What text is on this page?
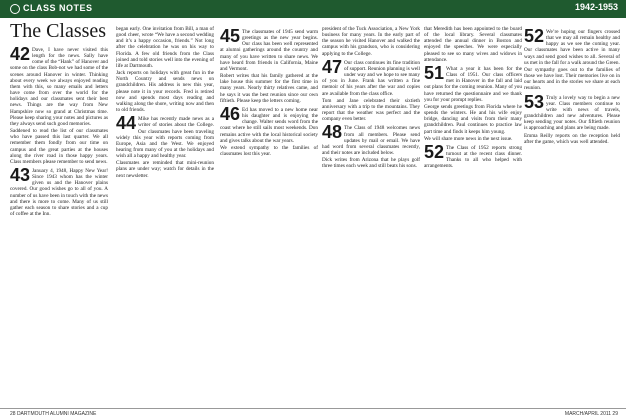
CLASS NOTES	1942-1953
The Classes

42 Dave, I have never visited this length for the news. Sally have come of the “Hank” of Hanover and some on the class Bob-not we had some of the scenes around Hanover in winter. Thinking about every week we always enjoyed reading them with this, so many emails and letters have come from over the world for the holidays and our classmates sent their best news. Things are the way from New Hampshire now so grand at Christmas time. Please keep sharing your notes and pictures as they always send such good memories.

Saddened to read the list of our classmates who have passed this last quarter. We all remember them fondly from our time on campus and the great parties at the houses along the river road in those happy years. Class members please remember to send news.

43 January 4, 1948, Happy New Year! Since 1943 whom has the winter given us and the Hanover plains covered. Our good wishes go to all of you. A number of us have been in touch with the news and there is more to come. Many of us still gather each season to share stories and a cup of coffee at the Inn.

began early. One invitation from Bill, a man of good cheer, wrote “We have a second wedding and it’s a happy occasion, friends.” Not long after the celebration he was on his way to Florida. A few old friends from the Class joined and told stories well into the evening of life at Dartmouth.

Jack reports on holidays with great fun in the North Country and sends news on grandchildren. His address is new this year, please note it in your records. Fred is retired now and spends most days reading and walking along the shore, writing now and then to old friends.

44 Mike has recently made news as a writer of stories about the College. Our classmates have been traveling widely this year with reports coming from Europe, Asia and the West. We enjoyed hearing from many of you at the holidays and wish all a happy and healthy year.

Classmates are reminded that mini-reunion plans are under way; watch for details in the next newsletter.

45 The classmates of 1945 send warm greetings as the new year begins. Our class has been well represented at alumni gatherings around the country and many of you have written to share news. We have heard from friends in California, Maine and Vermont.

Robert writes that his family gathered at the lake house this summer for the first time in many years. Nearly thirty relatives came, and he says it was the best reunion since our own fiftieth. Please keep the letters coming.

46 Ed has moved to a new home near his daughter and is enjoying the change. Walter sends word from the coast where he still sails most weekends. Don remains active with the local historical society and gives talks about the war years.

We extend sympathy to the families of classmates lost this year.

president of the Tuck Association, a New York business for many years. In the early part of the season he visited Hanover and walked the campus with his grandson, who is considering applying to the College.

47 Our class continues its fine tradition of support. Reunion planning is well under way and we hope to see many of you in June. Frank has written a fine memoir of his years after the war and copies are available from the class office.

Tom and Jane celebrated their sixtieth anniversary with a trip to the mountains. They report that the weather was perfect and the company even better.

48 The Class of 1948 welcomes news from all members. Please send updates by mail or email. We have had word from several classmates recently, and their notes are included below.

Dick writes from Arizona that he plays golf three times each week and still beats his sons.

that Meredith has been appointed to the board of the local library. Several classmates attended the annual dinner in Boston and enjoyed the speeches. We were especially pleased to see so many wives and widows in attendance.

51 What a year it has been for the Class of 1951. Our class officers met in Hanover in the fall and laid out plans for the coming reunion. Many of you have returned the questionnaire and we thank you for your prompt replies.

George sends greetings from Florida where he spends the winters. He and his wife enjoy bridge, dancing and visits from their many grandchildren. Paul continues to practice law part time and finds it keeps him young.

We will share more news in the next issue.

52 The Class of 1952 reports strong turnout at the recent class dinner. Thanks to all who helped with arrangements.

52 We’re hoping our fingers crossed that we may all remain healthy and happy as we see the coming year. Our classmates have been active in many ways and send good wishes to all. Several of us met in the fall for a walk around the Green.

Our sympathy goes out to the families of those we have lost. Their memories live on in our hearts and in the stories we share at each reunion.

53 Truly a lovely way to begin a new year. Class members continue to write with news of travels, grandchildren and new adventures. Please keep sending your notes. Our fiftieth reunion is approaching and plans are being made.

Emma Reilly reports on the reception held after the game, which was well attended.

28 DARTMOUTH ALUMNI MAGAZINE	MARCH/APRIL 2011 29
